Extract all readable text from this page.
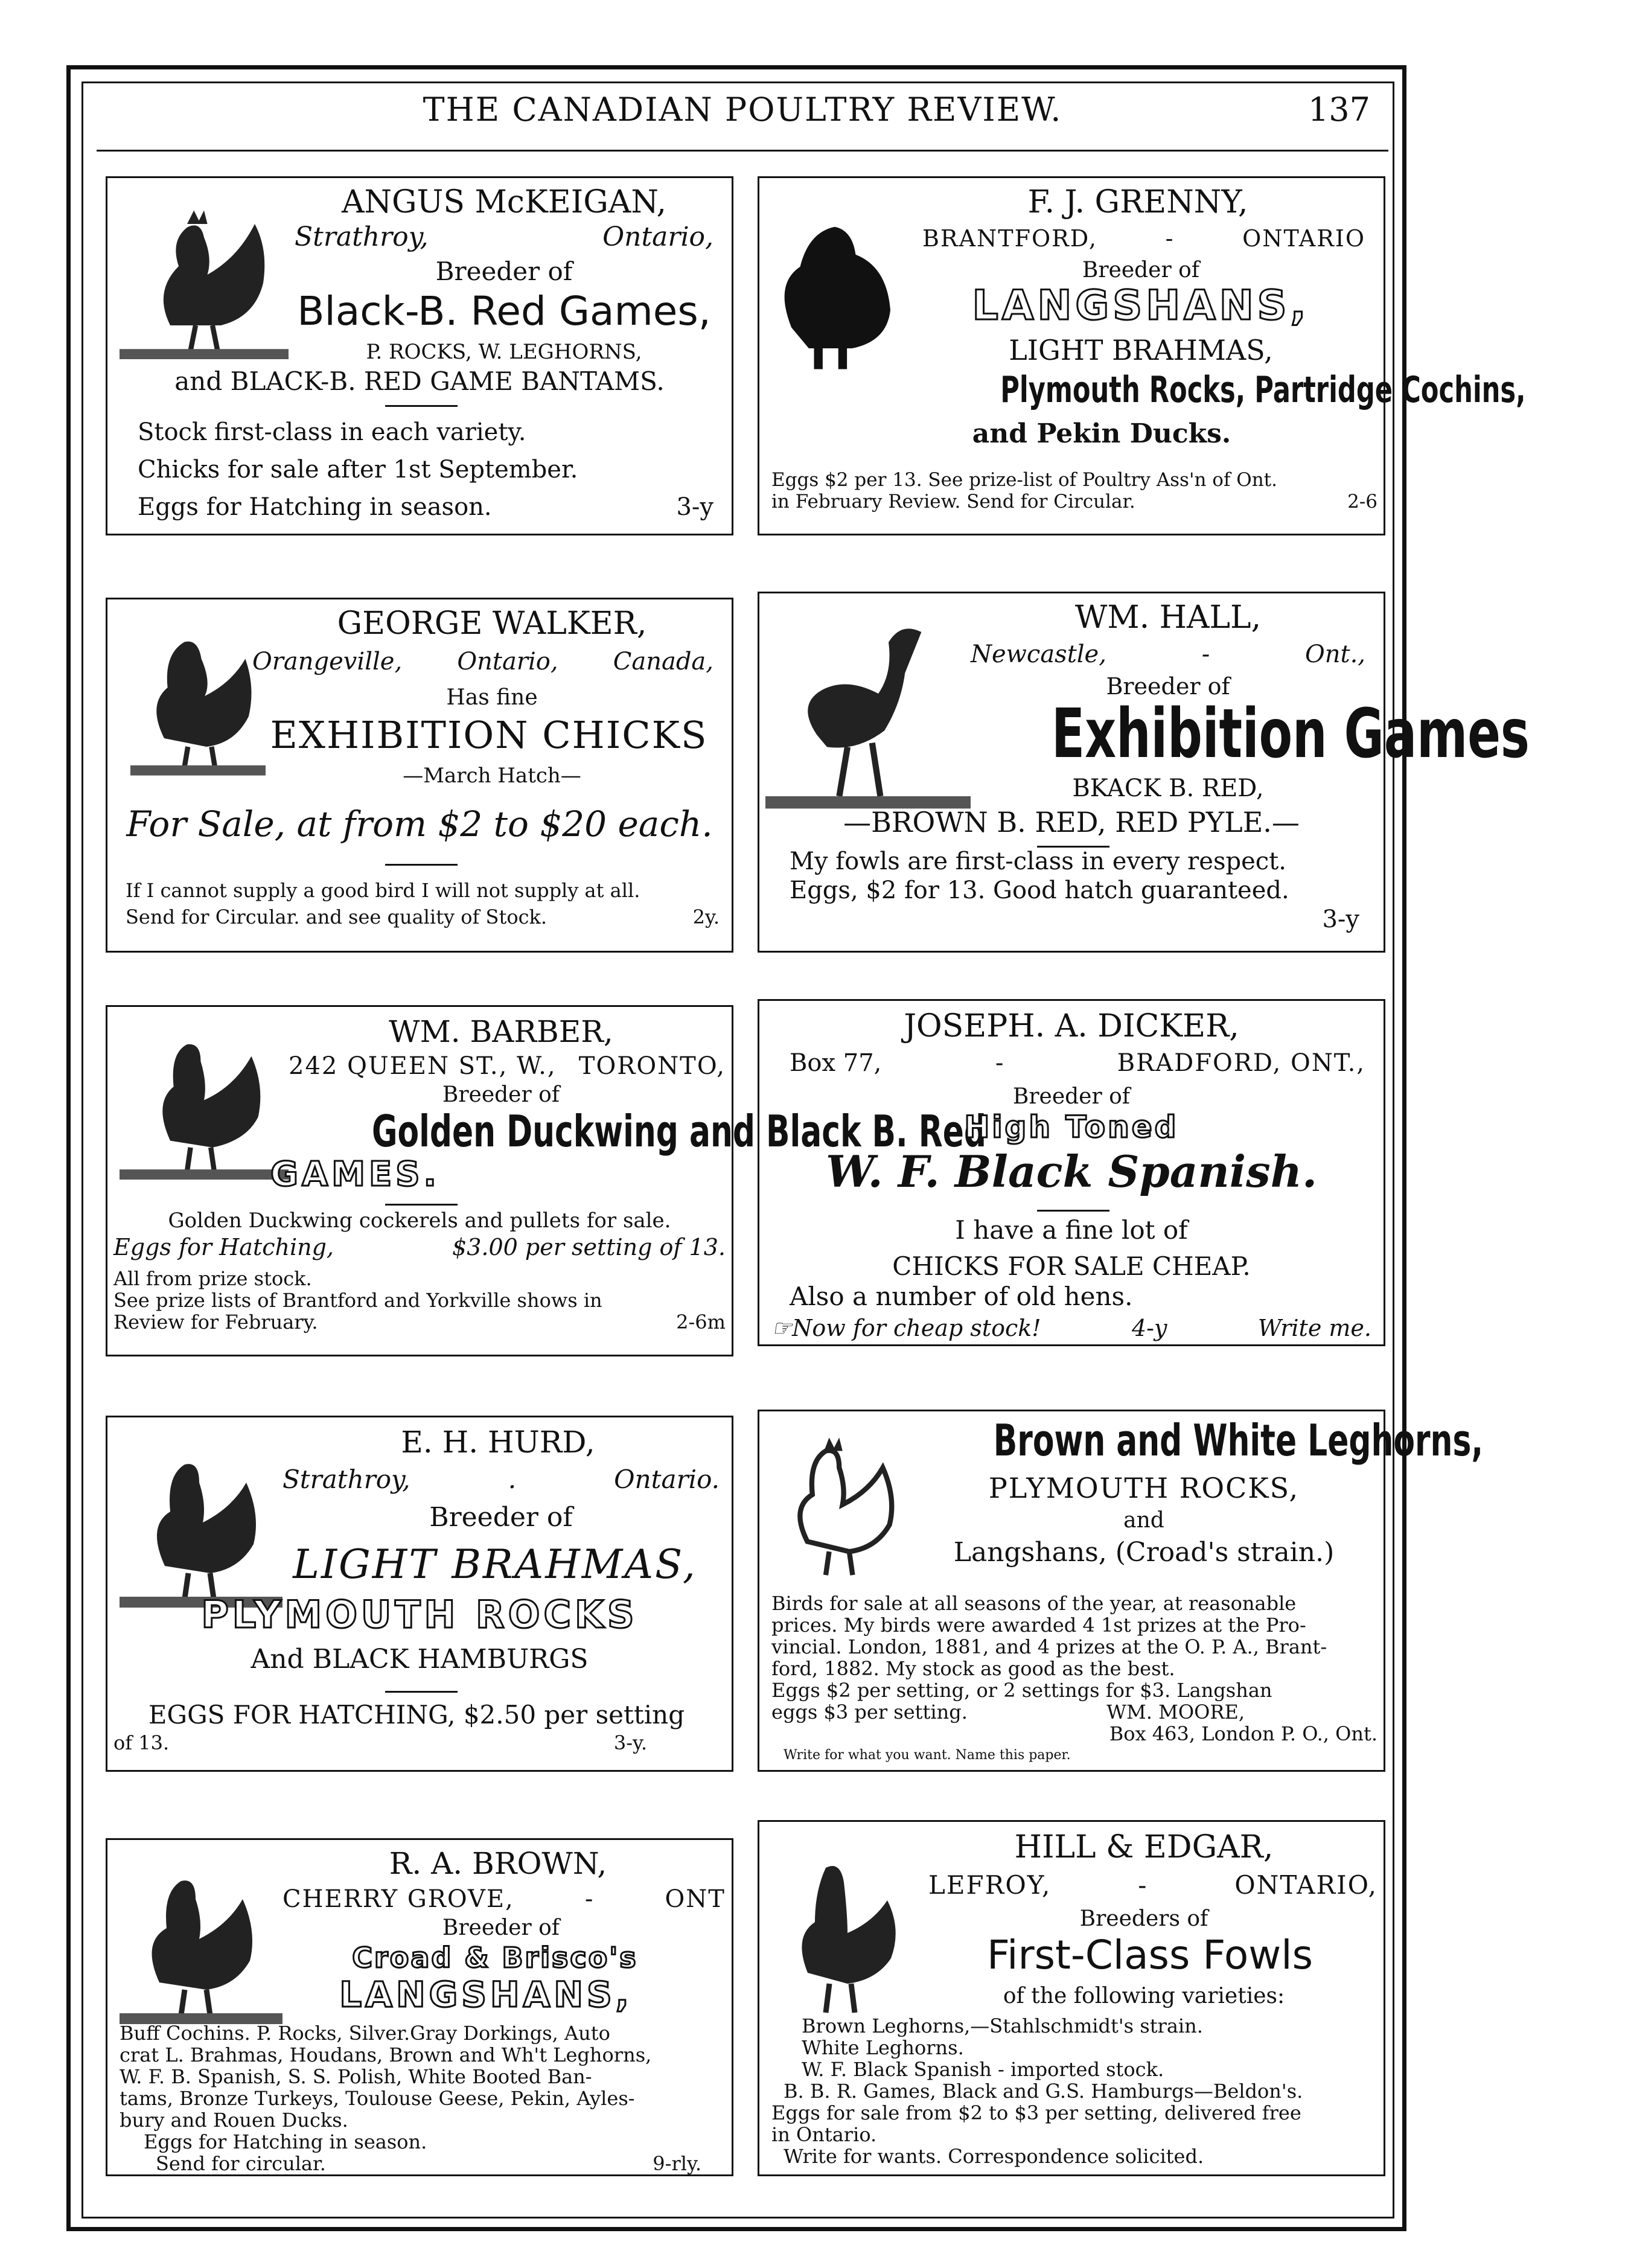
THE CANADIAN POULTRY REVIEW.	137

ANGUS McKEIGAN,

Strathroy,	Ontario,
Breeder of
Black-B. Red Games,
P. ROCKS, W. LEGHORNS,
and BLACK-B. RED GAME BANTAMS.

Stock first-class in each variety.

Chicks for sale after 1st September.

Eggs for Hatching in season.	3-y
F. J. GRENNY,
BRANTFORD,	-	ONTARIO
Breeder of
LANGSHANS,
LIGHT BRAHMAS,
Plymouth Rocks, Partridge Cochins,
and Pekin Ducks.

Eggs $2 per 13. See prize-list of Poultry Ass'n of Ont.

in February Review. Send for Circular.	2-6
GEORGE WALKER,
Orangeville, Ontario, Canada,
Has fine
EXHIBITION CHICKS
—March Hatch—
For Sale, at from $2 to $20 each.

If I cannot supply a good bird I will not supply at all.

Send for Circular. and see quality of Stock.	2y.
WM. HALL,
Newcastle,	-	Ont.,
Breeder of
Exhibition Games
BKACK B. RED,
—BROWN B. RED, RED PYLE.—

My fowls are first-class in every respect.

Eggs, $2 for 13. Good hatch guaranteed.

3-y

WM. BARBER,
242 QUEEN ST., W., TORONTO,
Breeder of
Golden Duckwing and Black B. Red
GAMES.

Golden Duckwing cockerels and pullets for sale.

Eggs for Hatching,	$3.00 per setting of 13.

All from prize stock.

See prize lists of Brantford and Yorkville shows in

Review for February.	2-6m
JOSEPH. A. DICKER,
Box 77,	-	BRADFORD, ONT.,
Breeder of
High Toned
W. F. Black Spanish.

I have a fine lot of

CHICKS FOR SALE CHEAP.

Also a number of old hens.
☞Now for cheap stock!	4-y	Write me.
E. H. HURD,
Strathroy,	.	Ontario.
Breeder of
LIGHT BRAHMAS,
PLYMOUTH ROCKS
And BLACK HAMBURGS

EGGS FOR HATCHING, $2.50 per setting

of 13.	3-y.
Brown and White Leghorns,
PLYMOUTH ROCKS,
and
Langshans, (Croad's strain.)

Birds for sale at all seasons of the year, at reasonable

prices. My birds were awarded 4 1st prizes at the Pro-

vincial. London, 1881, and 4 prizes at the O. P. A., Brant-

ford, 1882. My stock as good as the best.

Eggs $2 per setting, or 2 settings for $3. Langshan

eggs $3 per setting.	WM. MOORE,

Box 463, London P. O., Ont.

Write for what you want. Name this paper.

R. A. BROWN,
CHERRY GROVE,	-	ONT
Breeder of
Croad & Brisco's
LANGSHANS,

Buff Cochins. P. Rocks, Silver.Gray Dorkings, Auto

crat L. Brahmas, Houdans, Brown and Wh't Leghorns,

W. F. B. Spanish, S. S. Polish, White Booted Ban-

tams, Bronze Turkeys, Toulouse Geese, Pekin, Ayles-

bury and Rouen Ducks.

Eggs for Hatching in season.

Send for circular.	9-rly.
HILL & EDGAR,
LEFROY,	-	ONTARIO,
Breeders of
First-Class Fowls
of the following varieties:

Brown Leghorns,—Stahlschmidt's strain.

White Leghorns.

W. F. Black Spanish - imported stock.

B. B. R. Games, Black and G.S. Hamburgs—Beldon's.

Eggs for sale from $2 to $3 per setting, delivered free

in Ontario.

Write for wants. Correspondence solicited.
